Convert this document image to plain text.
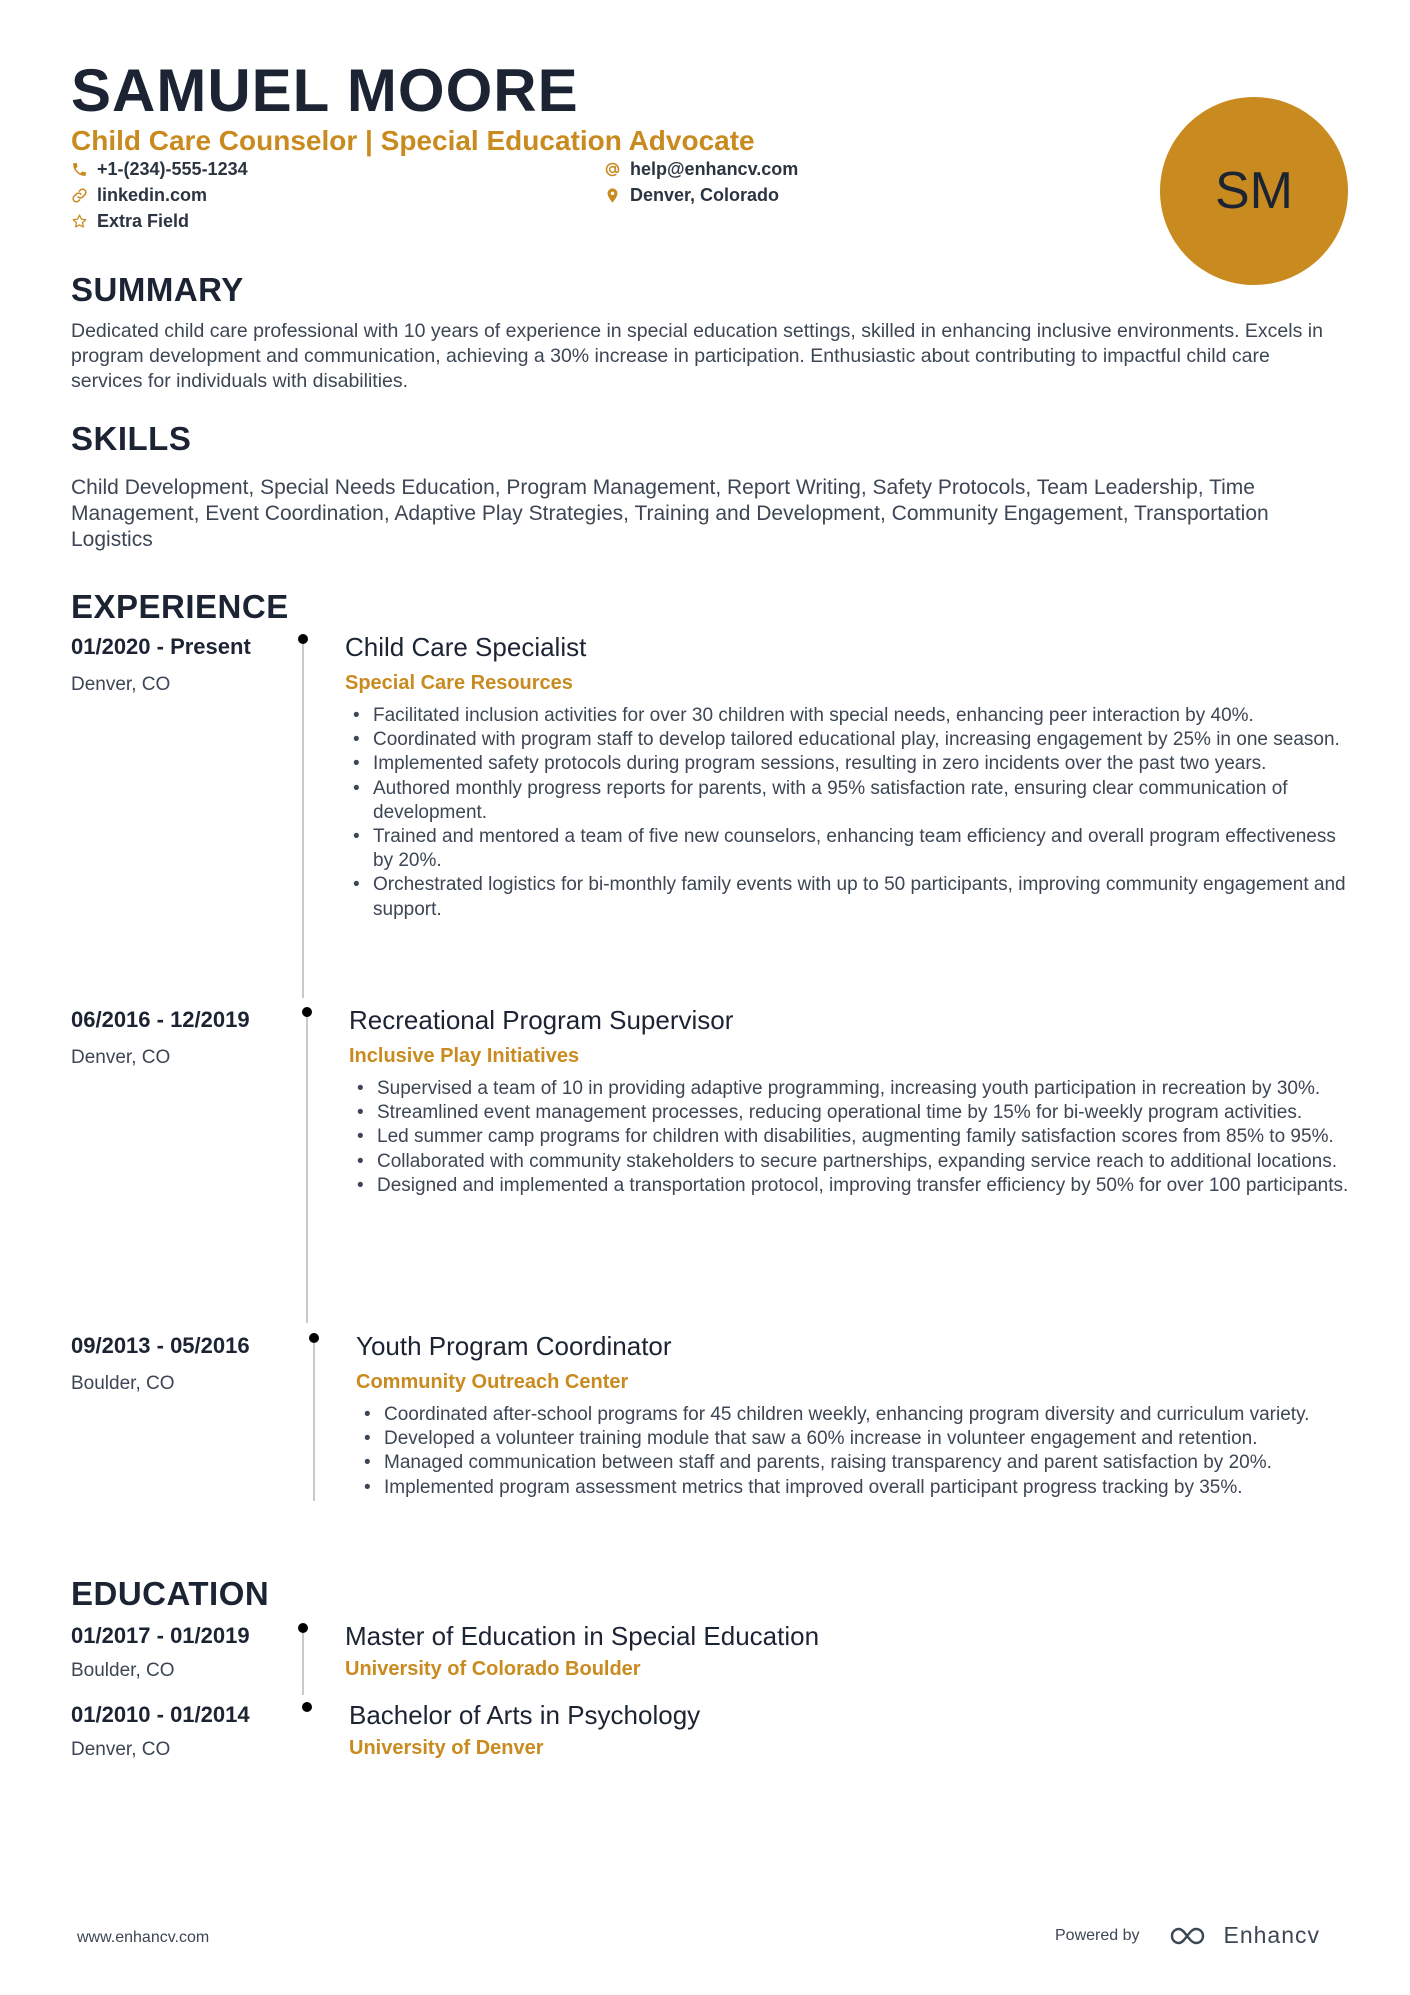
SAMUEL MOORE
Child Care Counselor | Special Education Advocate
+1-(234)-555-1234	help@enhancv.com
linkedin.com	Denver, Colorado
Extra Field
SM
SUMMARY

Dedicated child care professional with 10 years of experience in special education settings, skilled in enhancing inclusive environments. Excels in program development and communication, achieving a 30% increase in participation. Enthusiastic about contributing to impactful child care services for individuals with disabilities.

SKILLS

Child Development, Special Needs Education, Program Management, Report Writing, Safety Protocols, Team Leadership, Time Management, Event Coordination, Adaptive Play Strategies, Training and Development, Community Engagement, Transportation Logistics

EXPERIENCE
01/2020 - Present
Denver, CO
Child Care Specialist
Special Care Resources
• Facilitated inclusion activities for over 30 children with special needs, enhancing peer interaction by 40%.
• Coordinated with program staff to develop tailored educational play, increasing engagement by 25% in one season.
• Implemented safety protocols during program sessions, resulting in zero incidents over the past two years.
• Authored monthly progress reports for parents, with a 95% satisfaction rate, ensuring clear communication of development.
• Trained and mentored a team of five new counselors, enhancing team efficiency and overall program effectiveness by 20%.
• Orchestrated logistics for bi-monthly family events with up to 50 participants, improving community engagement and support.
06/2016 - 12/2019
Denver, CO
Recreational Program Supervisor
Inclusive Play Initiatives
• Supervised a team of 10 in providing adaptive programming, increasing youth participation in recreation by 30%.
• Streamlined event management processes, reducing operational time by 15% for bi-weekly program activities.
• Led summer camp programs for children with disabilities, augmenting family satisfaction scores from 85% to 95%.
• Collaborated with community stakeholders to secure partnerships, expanding service reach to additional locations.
• Designed and implemented a transportation protocol, improving transfer efficiency by 50% for over 100 participants.
09/2013 - 05/2016
Boulder, CO
Youth Program Coordinator
Community Outreach Center
• Coordinated after-school programs for 45 children weekly, enhancing program diversity and curriculum variety.
• Developed a volunteer training module that saw a 60% increase in volunteer engagement and retention.
• Managed communication between staff and parents, raising transparency and parent satisfaction by 20%.
• Implemented program assessment metrics that improved overall participant progress tracking by 35%.
EDUCATION
01/2017 - 01/2019
Boulder, CO
Master of Education in Special Education
University of Colorado Boulder
01/2010 - 01/2014
Denver, CO
Bachelor of Arts in Psychology
University of Denver
www.enhancv.com	Powered by	Enhancv
